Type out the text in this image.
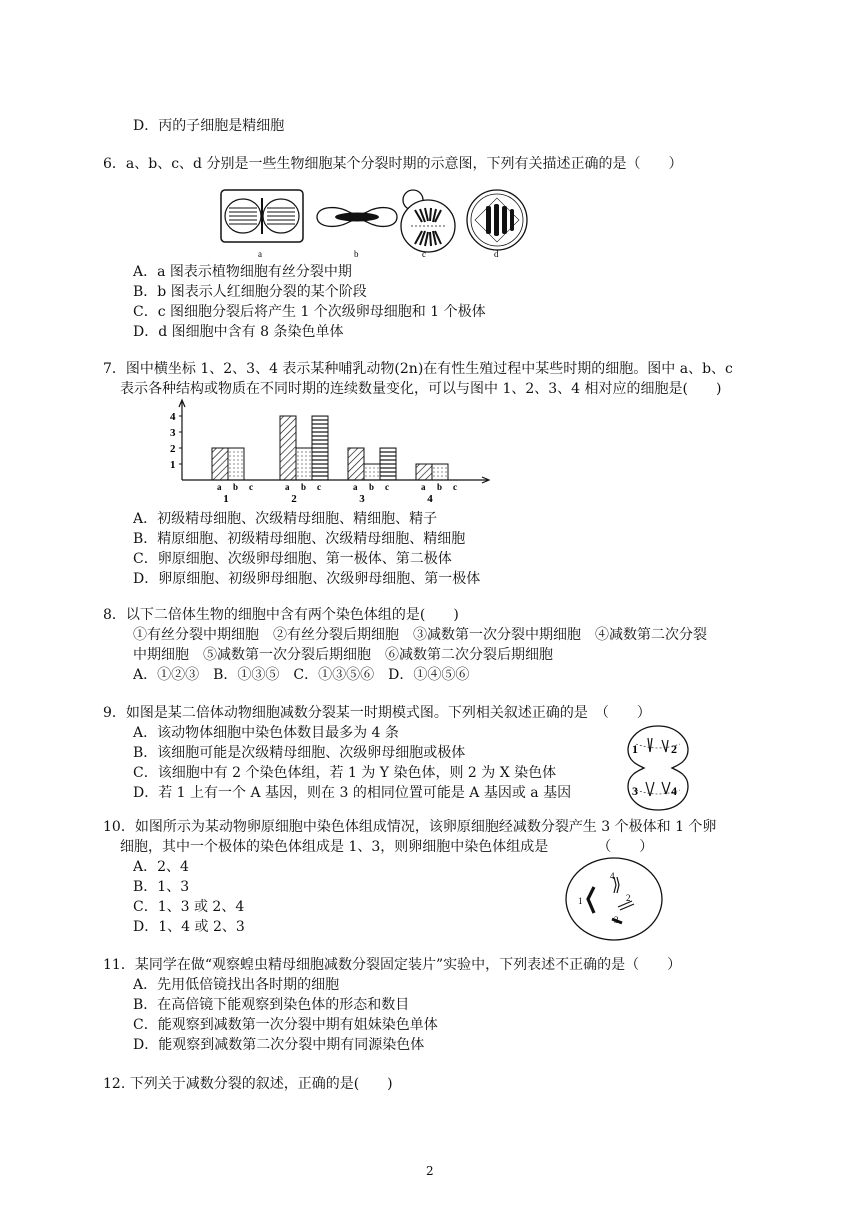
D．丙的子细胞是精细胞
6．a、b、c、d 分别是一些生物细胞某个分裂时期的示意图，下列有关描述正确的是（　　）
a	b	c	d
A．a 图表示植物细胞有丝分裂中期
B．b 图表示人红细胞分裂的某个阶段
C．c 图细胞分裂后将产生 1 个次级卵母细胞和 1 个极体
D．d 图细胞中含有 8 条染色单体
7．图中横坐标 1、2、3、4 表示某种哺乳动物(2n)在有性生殖过程中某些时期的细胞。图中 a、b、c
表示各种结构或物质在不同时期的连续数量变化，可以与图中 1、2、3、4 相对应的细胞是(　　)
1
2
3
4
a b c
1
a b c
2
a b c
3
a b c
4
A．初级精母细胞、次级精母细胞、精细胞、精子
B．精原细胞、初级精母细胞、次级精母细胞、精细胞
C．卵原细胞、次级卵母细胞、第一极体、第二极体
D．卵原细胞、初级卵母细胞、次级卵母细胞、第一极体
8．以下二倍体生物的细胞中含有两个染色体组的是(　　)
①有丝分裂中期细胞　②有丝分裂后期细胞　③减数第一次分裂中期细胞　④减数第二次分裂
中期细胞　⑤减数第一次分裂后期细胞　⑥减数第二次分裂后期细胞
A．①②③　B．①③⑤　C．①③⑤⑥　D．①④⑤⑥
9．如图是某二倍体动物细胞减数分裂某一时期模式图。下列相关叙述正确的是　（　　）
A．该动物体细胞中染色体数目最多为 4 条
B．该细胞可能是次级精母细胞、次级卵母细胞或极体
C．该细胞中有 2 个染色体组，若 1 为 Y 染色体，则 2 为 X 染色体
D．若 1 上有一个 A 基因，则在 3 的相同位置可能是 A 基因或 a 基因
1	2
3	4
10．如图所示为某动物卵原细胞中染色体组成情况，该卵原细胞经减数分裂产生 3 个极体和 1 个卵
细胞，其中一个极体的染色体组成是 1、3，则卵细胞中染色体组成是　　　　（　　）
A．2、4
B．1、3
C．1、3 或 2、4
D．1、4 或 2、3
1	2
3
4
11．某同学在做“观察蝗虫精母细胞减数分裂固定装片”实验中，下列表述不正确的是（　　）
A．先用低倍镜找出各时期的细胞
B．在高倍镜下能观察到染色体的形态和数目
C．能观察到减数第一次分裂中期有姐妹染色单体
D．能观察到减数第二次分裂中期有同源染色体
12. 下列关于减数分裂的叙述，正确的是(　　)
2
